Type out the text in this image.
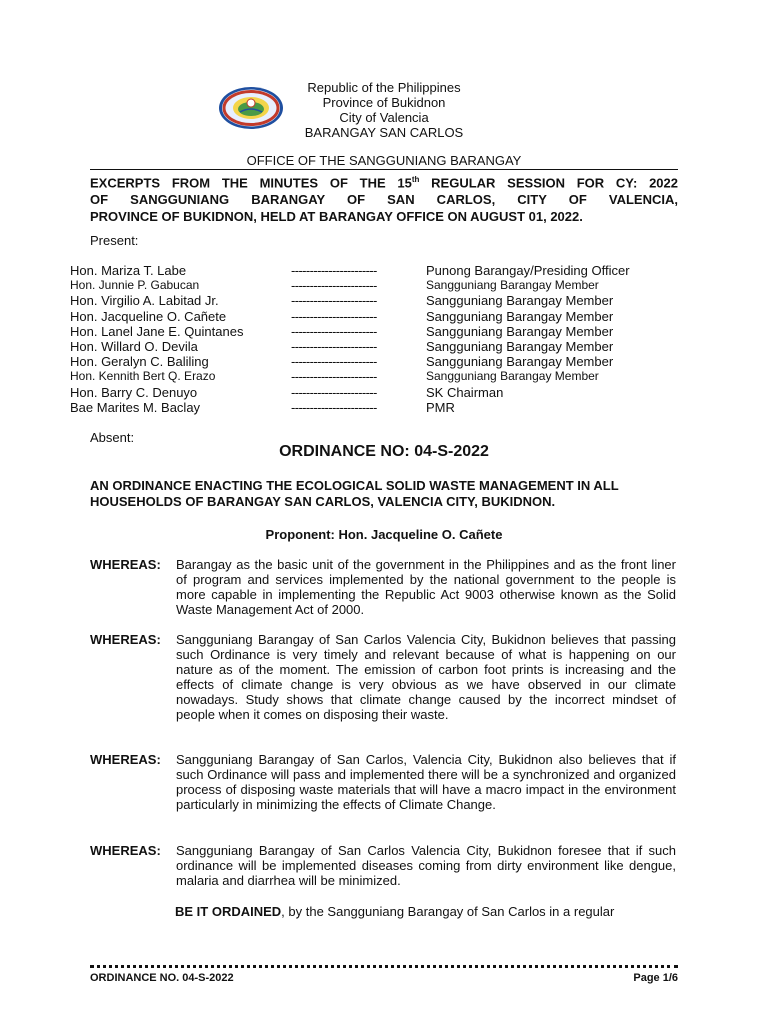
Republic of the Philippines
Province of Bukidnon
City of Valencia
BARANGAY SAN CARLOS
OFFICE OF THE SANGGUNIANG BARANGAY
EXCERPTS FROM THE MINUTES OF THE 15th REGULAR SESSION FOR CY: 2022
OF SANGGUNIANG BARANGAY OF SAN CARLOS, CITY OF VALENCIA,
PROVINCE OF BUKIDNON, HELD AT BARANGAY OFFICE ON AUGUST 01, 2022.
Present:
Hon. Mariza T. Labe	-----------------------	Punong Barangay/Presiding Officer
Hon. Junnie P. Gabucan	-----------------------	Sangguniang Barangay Member
Hon. Virgilio A. Labitad Jr.	-----------------------	Sangguniang Barangay Member
Hon. Jacqueline O. Cañete	-----------------------	Sangguniang Barangay Member
Hon. Lanel Jane E. Quintanes	-----------------------	Sangguniang Barangay Member
Hon. Willard O. Devila	-----------------------	Sangguniang Barangay Member
Hon. Geralyn C. Baliling	-----------------------	Sangguniang Barangay Member
Hon. Kennith Bert Q. Erazo	-----------------------	Sangguniang Barangay Member
Hon. Barry C. Denuyo	-----------------------	SK Chairman
Bae Marites M. Baclay	-----------------------	PMR
Absent:
ORDINANCE NO: 04-S-2022
AN ORDINANCE ENACTING THE ECOLOGICAL SOLID WASTE MANAGEMENT IN ALL HOUSEHOLDS OF BARANGAY SAN CARLOS, VALENCIA CITY, BUKIDNON.
Proponent: Hon. Jacqueline O. Cañete
WHEREAS: Barangay as the basic unit of the government in the Philippines and as the front liner of program and services implemented by the national government to the people is more capable in implementing the Republic Act 9003 otherwise known as the Solid Waste Management Act of 2000.
WHEREAS: Sangguniang Barangay of San Carlos Valencia City, Bukidnon believes that passing such Ordinance is very timely and relevant because of what is happening on our nature as of the moment. The emission of carbon foot prints is increasing and the effects of climate change is very obvious as we have observed in our climate nowadays. Study shows that climate change caused by the incorrect mindset of people when it comes on disposing their waste.
WHEREAS: Sangguniang Barangay of San Carlos, Valencia City, Bukidnon also believes that if such Ordinance will pass and implemented there will be a synchronized and organized process of disposing waste materials that will have a macro impact in the environment particularly in minimizing the effects of Climate Change.
WHEREAS: Sangguniang Barangay of San Carlos Valencia City, Bukidnon foresee that if such ordinance will be implemented diseases coming from dirty environment like dengue, malaria and diarrhea will be minimized.
BE IT ORDAINED, by the Sangguniang Barangay of San Carlos in a regular
ORDINANCE NO. 04-S-2022	Page 1/6
